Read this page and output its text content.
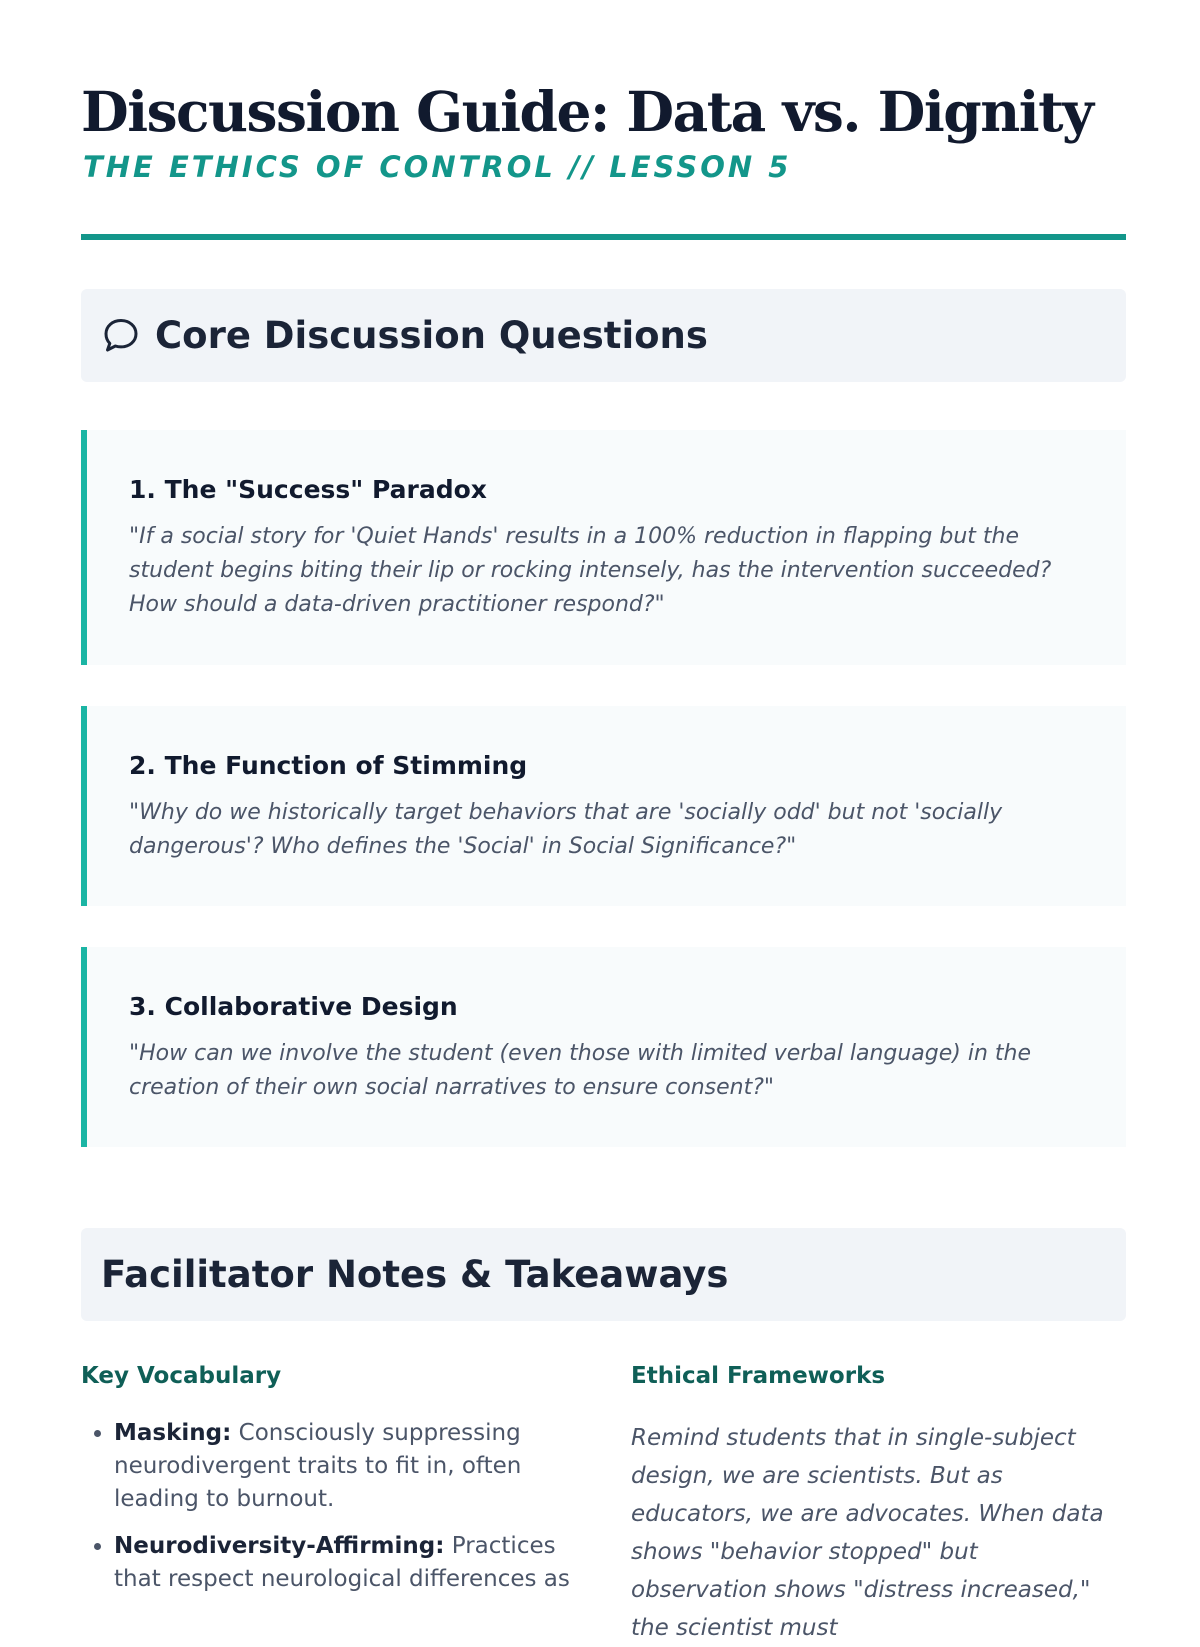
Discussion Guide: Data vs. Dignity
THE ETHICS OF CONTROL // LESSON 5
Core Discussion Questions
1. The "Success" Paradox

"If a social story for 'Quiet Hands' results in a 100% reduction in flapping but the student begins biting their lip or rocking intensely, has the intervention succeeded? How should a data-driven practitioner respond?"

2. The Function of Stimming

"Why do we historically target behaviors that are 'socially odd' but not 'socially dangerous'? Who defines the 'Social' in Social Significance?"

3. Collaborative Design

"How can we involve the student (even those with limited verbal language) in the creation of their own social narratives to ensure consent?"

Facilitator Notes & Takeaways
Key Vocabulary
• Masking: Consciously suppressing neurodivergent traits to fit in, often leading to burnout.
• Neurodiversity-Affirming: Practices that respect neurological differences as
Ethical Frameworks

Remind students that in single-subject design, we are scientists. But as educators, we are advocates. When data shows "behavior stopped" but observation shows "distress increased," the scientist must
